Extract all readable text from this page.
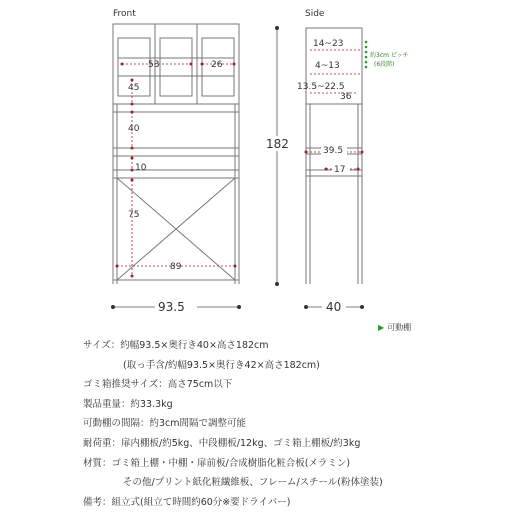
Front
53	26
45
40
10
75
89
93.5
182
Side
約3cm ピッチ
(6段階)
14~23
4~13
13.5~22.5
36
39.5
17
40
▶ 可動棚
サイズ：約幅93.5×奥行き40×高さ182cm
(取っ手含/約幅93.5×奥行き42×高さ182cm)
ゴミ箱推奨サイズ：高さ75cm以下
製品重量：約33.3kg
可動棚の間隔：約3cm間隔で調整可能
耐荷重：扉内棚板/約5kg、中段棚板/12kg、ゴミ箱上棚板/約3kg
材質：ゴミ箱上棚・中棚・扉前板/合成樹脂化粧合板(メラミン)
その他/プリント紙化粧繊維板、フレーム/スチール(粉体塗装)
備考：組立式(組立て時間約60分※要ドライバー)
